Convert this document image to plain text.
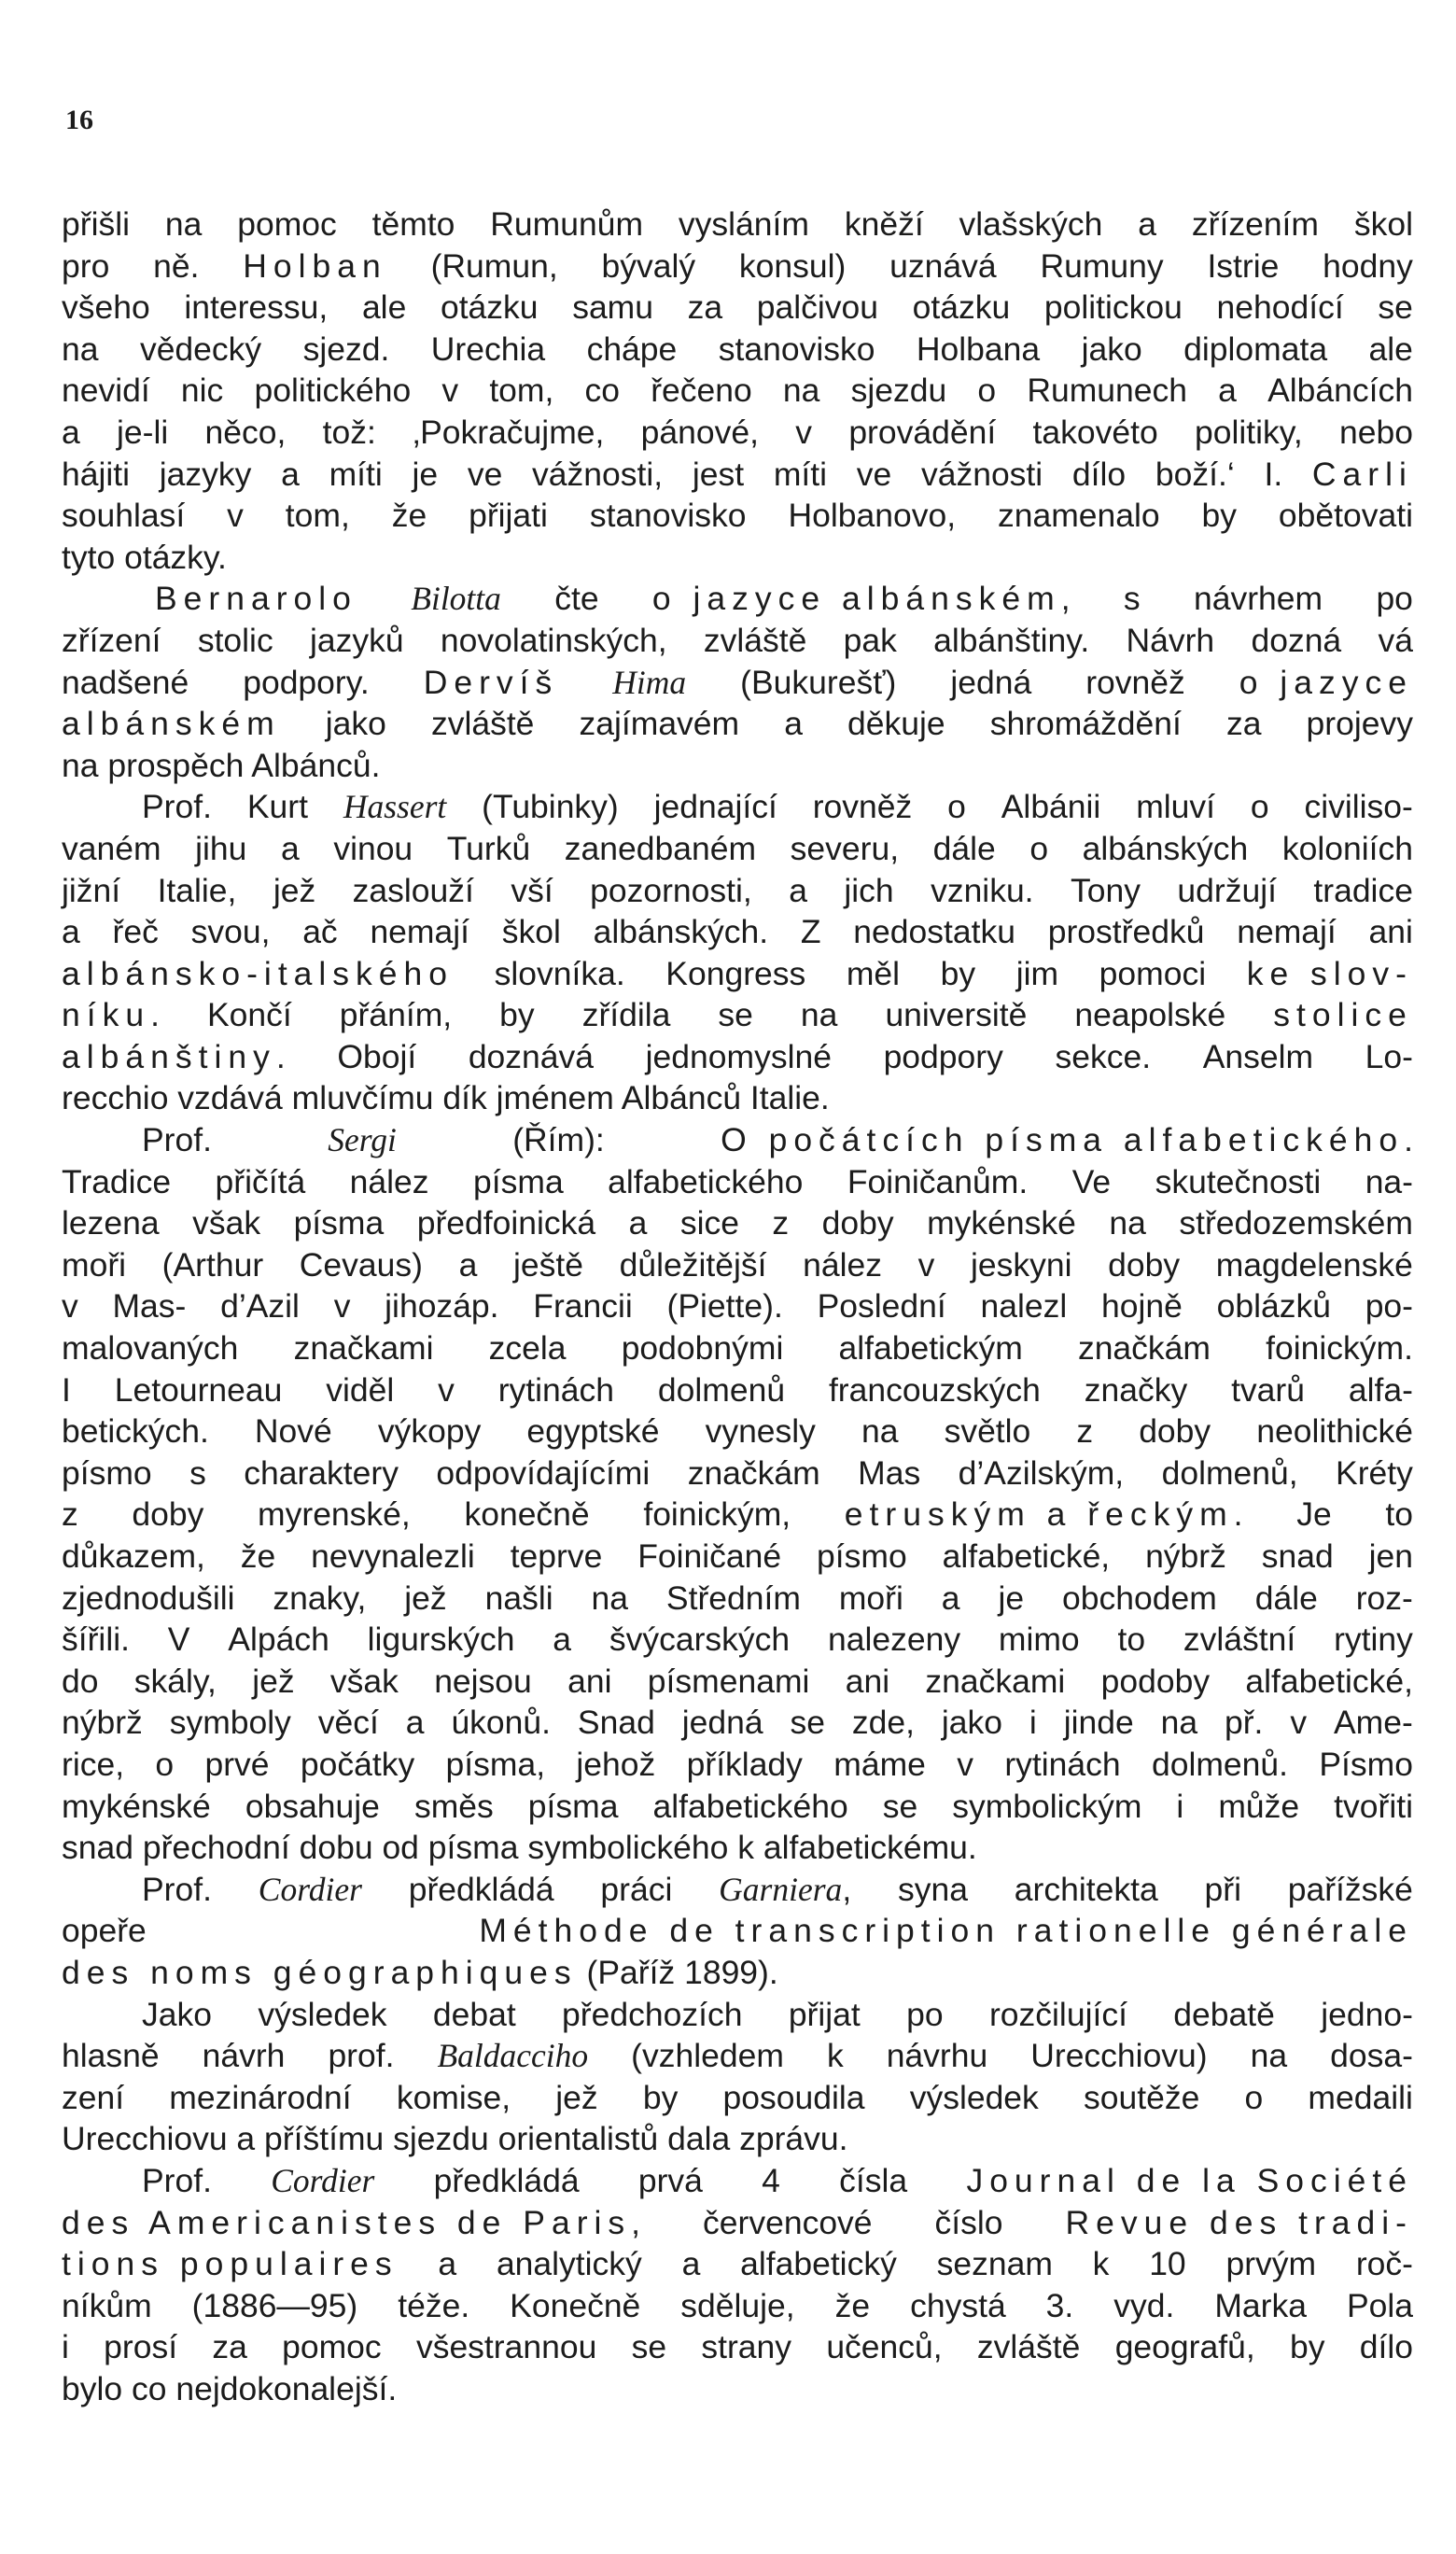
16
přišli na pomoc těmto Rumunům vysláním kněží vlašských a zřízením škol
pro ně. Holban (Rumun, bývalý konsul) uznává Rumuny Istrie hodny
všeho interessu, ale otázku samu za palčivou otázku politickou nehodící se
na vědecký sjezd. Urechia chápe stanovisko Holbana jako diplomata ale
nevidí nic politického v tom, co řečeno na sjezdu o Rumunech a Albáncích
a je-li něco, tož: ‚Pokračujme, pánové, v provádění takovéto politiky, nebo
hájiti jazyky a míti je ve vážnosti, jest míti ve vážnosti dílo boží.‘ I. Carli
souhlasí v tom, že přijati stanovisko Holbanovo, znamenalo by obětovati
tyto otázky.
Bernarolo Bilotta čte o jazyce albánském, s návrhem po
zřízení stolic jazyků novolatinských, zvláště pak albánštiny. Návrh dozná vá
nadšené podpory. Dervíš Hima (Bukurešť) jedná rovněž o jazyce
albánském jako zvláště zajímavém a děkuje shromáždění za projevy
na prospěch Albánců.
Prof. Kurt Hassert (Tubinky) jednající rovněž o Albánii mluví o civiliso-
vaném jihu a vinou Turků zanedbaném severu, dále o albánských koloniích
jižní Italie, jež zaslouží vší pozornosti, a jich vzniku. Tony udržují tradice
a řeč svou, ač nemají škol albánských. Z nedostatku prostředků nemají ani
albánsko-italského slovníka. Kongress měl by jim pomoci ke slov-
níku. Končí přáním, by zřídila se na universitě neapolské stolice
albánštiny. Obojí doznává jednomyslné podpory sekce. Anselm Lo-
recchio vzdává mluvčímu dík jménem Albánců Italie.
Prof.	Sergi	(Řím):	O počátcích písma alfabetického.
Tradice přičítá nález písma alfabetického Foiničanům. Ve skutečnosti na-
lezena však písma předfoinická a sice z doby mykénské na středozemském
moři (Arthur Cevaus) a ještě důležitější nález v jeskyni doby magdelenské
v Mas- d’Azil v jihozáp. Francii (Piette). Poslední nalezl hojně oblázků po-
malovaných značkami zcela podobnými alfabetickým značkám foinickým.
I Letourneau viděl v rytinách dolmenů francouzských značky tvarů alfa-
betických. Nové výkopy egyptské vynesly na světlo z doby neolithické
písmo s charaktery odpovídajícími značkám Mas d’Azilským, dolmenů, Kréty
z doby myrenské, konečně foinickým, etruským a řeckým. Je to
důkazem, že nevynalezli teprve Foiničané písmo alfabetické, nýbrž snad jen
zjednodušili znaky, jež našli na Středním moři a je obchodem dále roz-
šířili. V Alpách ligurských a švýcarských nalezeny mimo to zvláštní rytiny
do skály, jež však nejsou ani písmenami ani značkami podoby alfabetické,
nýbrž symboly věcí a úkonů. Snad jedná se zde, jako i jinde na př. v Ame-
rice, o prvé počátky písma, jehož příklady máme v rytinách dolmenů. Písmo
mykénské obsahuje směs písma alfabetického se symbolickým i může tvořiti
snad přechodní dobu od písma symbolického k alfabetickému.
Prof. Cordier předkládá práci Garniera, syna architekta při pařížské
opeře	Méthode de transcription rationelle générale
des noms géographiques (Paříž 1899).
Jako výsledek debat předchozích přijat po rozčilující debatě jedno-
hlasně návrh prof. Baldacciho (vzhledem k návrhu Urecchiovu) na dosa-
zení mezinárodní komise, jež by posoudila výsledek soutěže o medaili
Urecchiovu a příštímu sjezdu orientalistů dala zprávu.
Prof. Cordier předkládá prvá 4 čísla Journal de la Société
des Americanistes de Paris, červencové číslo Revue des tradi-
tions populaires a analytický a alfabetický seznam k 10 prvým roč-
níkům (1886—95) téže. Konečně sděluje, že chystá 3. vyd. Marka Pola
i prosí za pomoc všestrannou se strany učenců, zvláště geografů, by dílo
bylo co nejdokonalejší.
